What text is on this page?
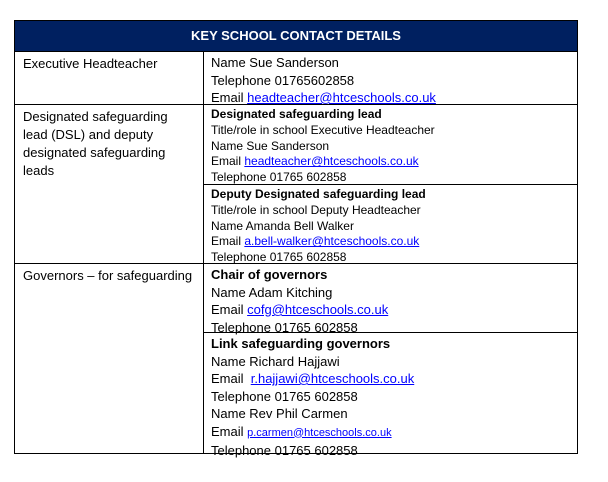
KEY SCHOOL CONTACT DETAILS
Executive Headteacher	Name Sue Sanderson
Telephone 01765602858
Email headteacher@htceschools.co.uk
Designated safeguarding lead (DSL) and deputy designated safeguarding leads
Designated safeguarding lead
Title/role in school Executive Headteacher
Name Sue Sanderson
Email headteacher@htceschools.co.uk
Telephone 01765 602858
Deputy Designated safeguarding lead
Title/role in school Deputy Headteacher
Name Amanda Bell Walker
Email a.bell-walker@htceschools.co.uk
Telephone 01765 602858
Governors – for safeguarding	Chair of governors
Name Adam Kitching
Email cofg@htceschools.co.uk
Telephone 01765 602858
Link safeguarding governors
Name Richard Hajjawi
Email  r.hajjawi@htceschools.co.uk
Telephone 01765 602858
Name Rev Phil Carmen
Email p.carmen@htceschools.co.uk
Telephone 01765 602858
